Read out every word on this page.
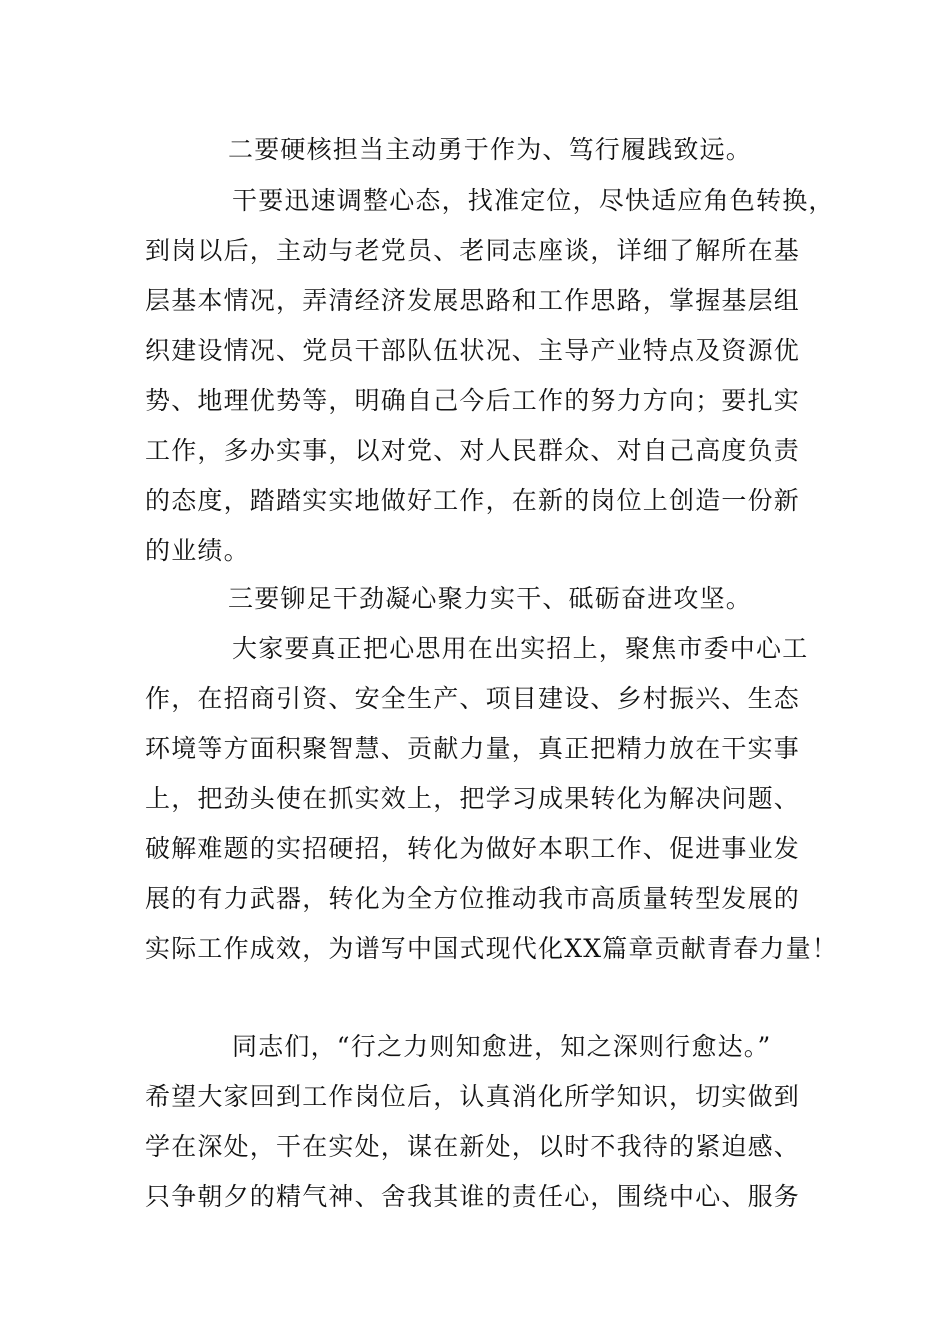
二要硬核担当主动勇于作为、笃行履践致远。
干要迅速调整心态，找准定位，尽快适应角色转换，
到岗以后，主动与老党员、老同志座谈，详细了解所在基
层基本情况，弄清经济发展思路和工作思路，掌握基层组
织建设情况、党员干部队伍状况、主导产业特点及资源优
势、地理优势等，明确自己今后工作的努力方向；要扎实
工作，多办实事，以对党、对人民群众、对自己高度负责
的态度，踏踏实实地做好工作，在新的岗位上创造一份新
的业绩。
三要铆足干劲凝心聚力实干、砥砺奋进攻坚。
大家要真正把心思用在出实招上，聚焦市委中心工
作，在招商引资、安全生产、项目建设、乡村振兴、生态
环境等方面积聚智慧、贡献力量，真正把精力放在干实事
上，把劲头使在抓实效上，把学习成果转化为解决问题、
破解难题的实招硬招，转化为做好本职工作、促进事业发
展的有力武器，转化为全方位推动我市高质量转型发展的
实际工作成效，为谱写中国式现代化XX篇章贡献青春力量！
同志们，“行之力则知愈进，知之深则行愈达。”
希望大家回到工作岗位后，认真消化所学知识，切实做到
学在深处，干在实处，谋在新处，以时不我待的紧迫感、
只争朝夕的精气神、舍我其谁的责任心，围绕中心、服务
